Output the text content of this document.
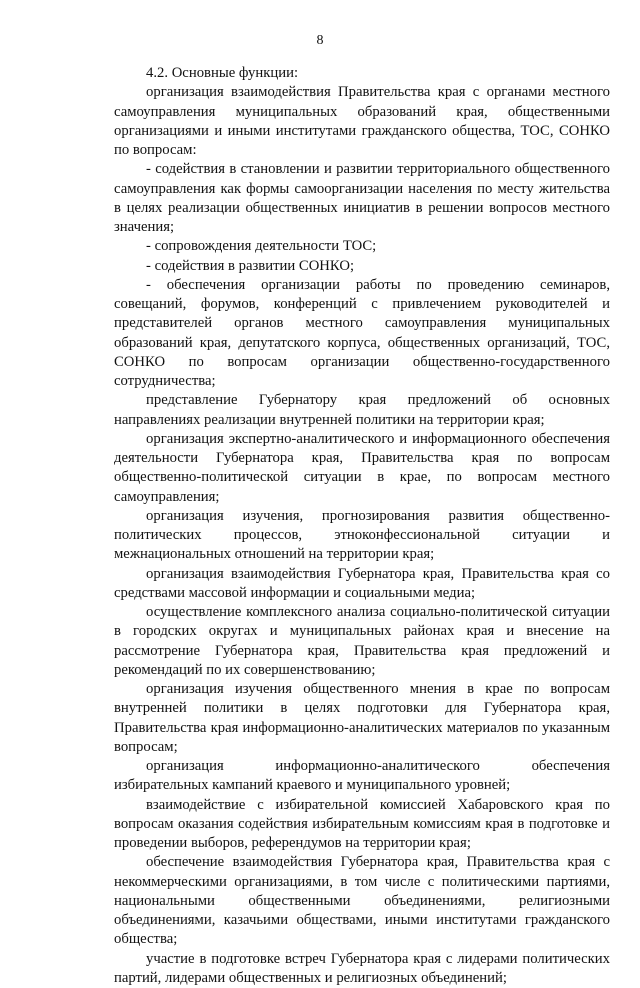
8

4.2. Основные функции:

организация взаимодействия Правительства края с органами местного самоуправления муниципальных образований края, общественными организациями и иными институтами гражданского общества, ТОС, СОНКО по вопросам:

- содействия в становлении и развитии территориального общественного самоуправления как формы самоорганизации населения по месту жительства в целях реализации общественных инициатив в решении вопросов местного значения;

- сопровождения деятельности ТОС;

- содействия в развитии СОНКО;

- обеспечения организации работы по проведению семинаров, совещаний, форумов, конференций с привлечением руководителей и представителей органов местного самоуправления муниципальных образований края, депутатского корпуса, общественных организаций, ТОС, СОНКО по вопросам организации общественно-государственного сотрудничества;

представление Губернатору края предложений об основных направлениях реализации внутренней политики на территории края;

организация экспертно-аналитического и информационного обеспечения деятельности Губернатора края, Правительства края по вопросам общественно-политической ситуации в крае, по вопросам местного самоуправления;

организация изучения, прогнозирования развития общественно-политических процессов, этноконфессиональной ситуации и межнациональных отношений на территории края;

организация взаимодействия Губернатора края, Правительства края со средствами массовой информации и социальными медиа;

осуществление комплексного анализа социально-политической ситуации в городских округах и муниципальных районах края и внесение на рассмотрение Губернатора края, Правительства края предложений и рекомендаций по их совершенствованию;

организация изучения общественного мнения в крае по вопросам внутренней политики в целях подготовки для Губернатора края, Правительства края информационно-аналитических материалов по указанным вопросам;

организация информационно-аналитического обеспечения избирательных кампаний краевого и муниципального уровней;

взаимодействие с избирательной комиссией Хабаровского края по вопросам оказания содействия избирательным комиссиям края в подготовке и проведении выборов, референдумов на территории края;

обеспечение взаимодействия Губернатора края, Правительства края с некоммерческими организациями, в том числе с политическими партиями, национальными общественными объединениями, религиозными объединениями, казачьими обществами, иными институтами гражданского общества;

участие в подготовке встреч Губернатора края с лидерами политических партий, лидерами общественных и религиозных объединений;
